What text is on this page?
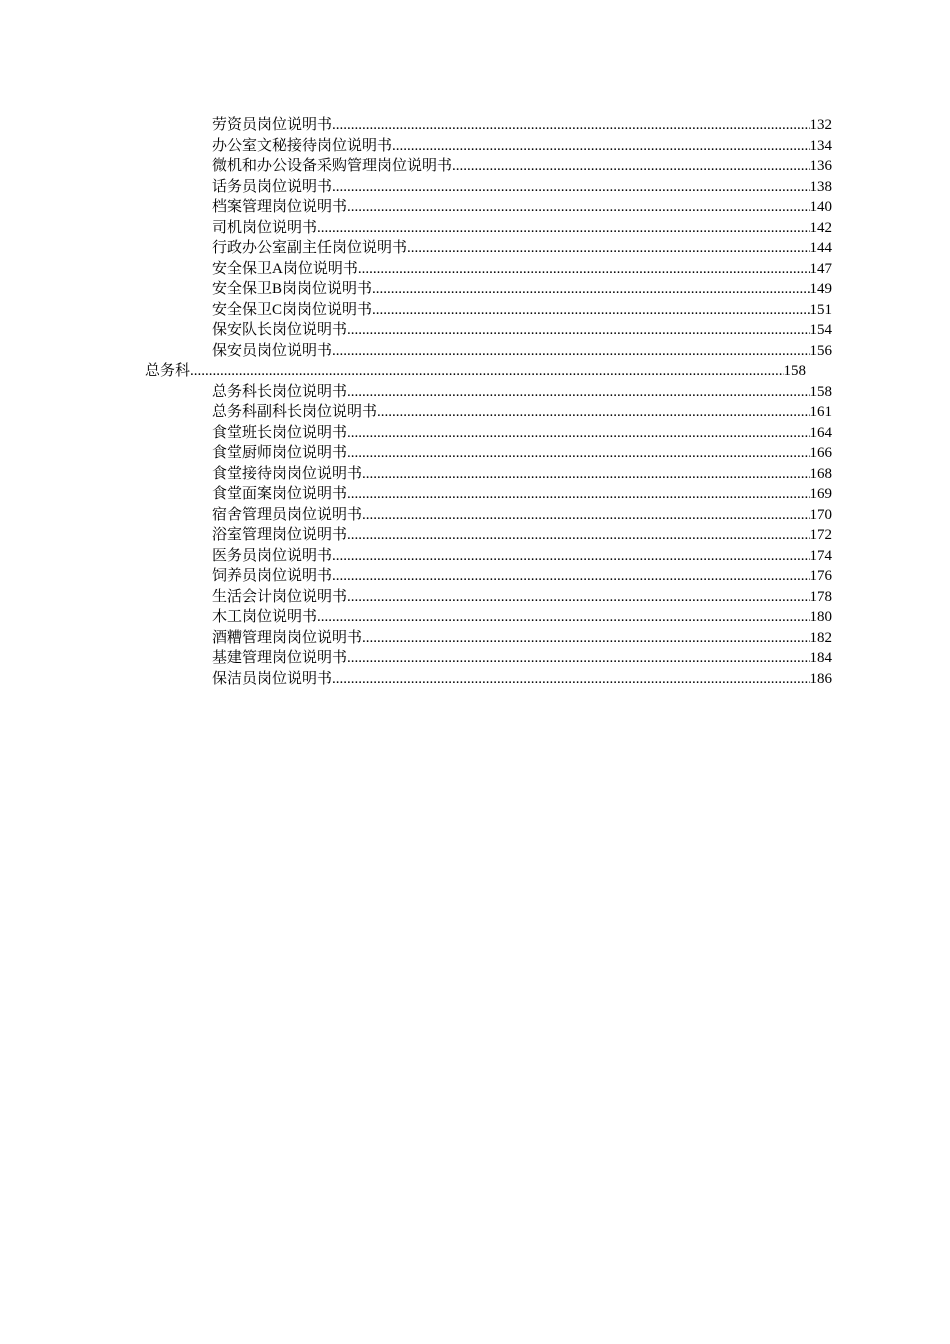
劳资员岗位说明书 .....	132
办公室文秘接待岗位说明书 .....	134
微机和办公设备采购管理岗位说明书 .....	136
话务员岗位说明书 .....	138
档案管理岗位说明书 .....	140
司机岗位说明书 .....	142
行政办公室副主任岗位说明书 .....	144
安全保卫A岗位说明书 .....	147
安全保卫B岗岗位说明书 .....	149
安全保卫C岗岗位说明书 .....	151
保安队长岗位说明书 .....	154
保安员岗位说明书 .....	156
总务科 .....	158
总务科长岗位说明书 .....	158
总务科副科长岗位说明书 .....	161
食堂班长岗位说明书 .....	164
食堂厨师岗位说明书 .....	166
食堂接待岗岗位说明书 .....	168
食堂面案岗位说明书 .....	169
宿舍管理员岗位说明书 .....	170
浴室管理岗位说明书 .....	172
医务员岗位说明书 .....	174
饲养员岗位说明书 .....	176
生活会计岗位说明书 .....	178
木工岗位说明书 .....	180
酒糟管理岗岗位说明书 .....	182
基建管理岗位说明书 .....	184
保洁员岗位说明书 .....	186
